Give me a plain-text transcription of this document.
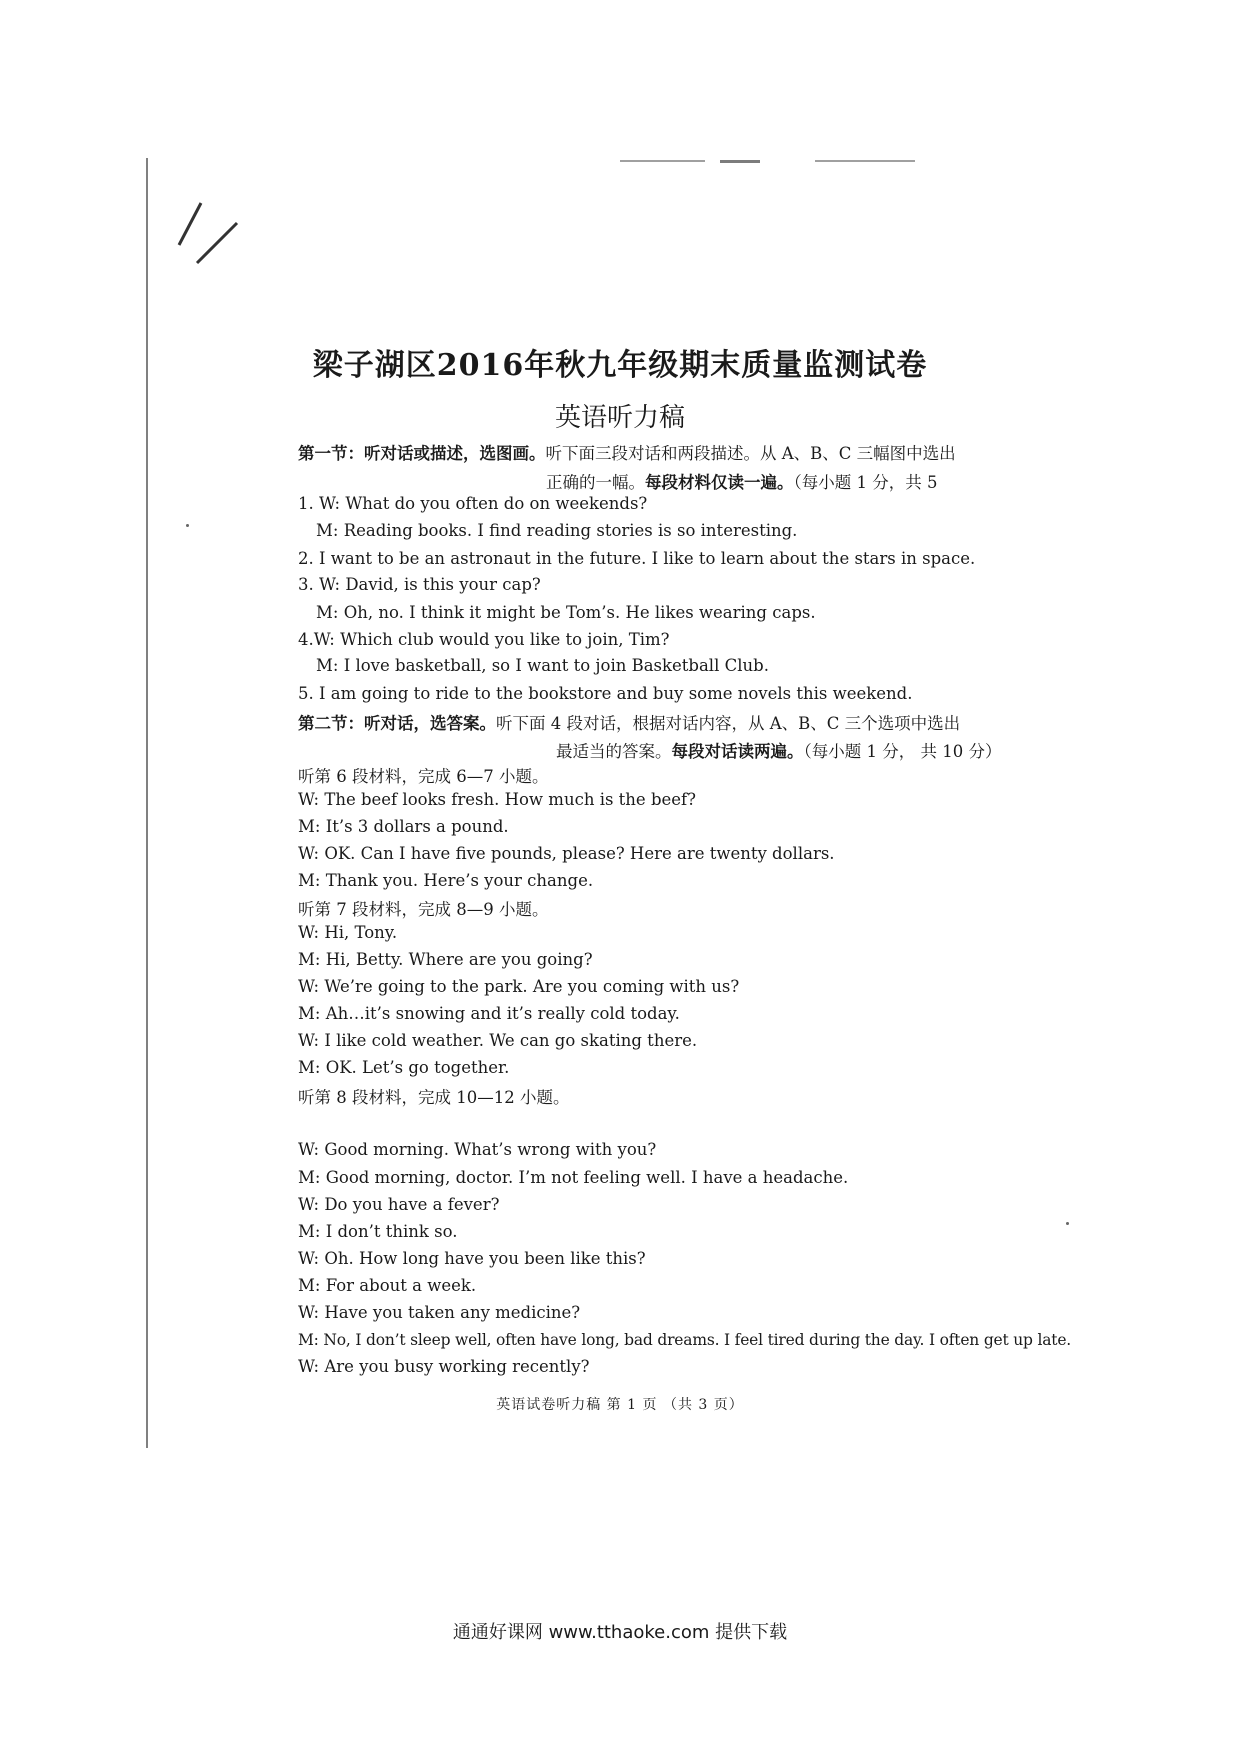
梁子湖区2016年秋九年级期末质量监测试卷
英语听力稿
第一节：听对话或描述，选图画。听下面三段对话和两段描述。从 A、B、C 三幅图中选出
正确的一幅。每段材料仅读一遍。（每小题 1 分，共 5
1. W: What do you often do on weekends?
M: Reading books. I find reading stories is so interesting.
2. I want to be an astronaut in the future. I like to learn about the stars in space.
3. W: David, is this your cap?
M: Oh, no. I think it might be Tom’s. He likes wearing caps.
4.W: Which club would you like to join, Tim?
M: I love basketball, so I want to join Basketball Club.
5. I am going to ride to the bookstore and buy some novels this weekend.
第二节：听对话，选答案。听下面 4 段对话，根据对话内容，从 A、B、C 三个选项中选出
最适当的答案。每段对话读两遍。（每小题 1 分， 共 10 分）
听第 6 段材料，完成 6—7 小题。
W: The beef looks fresh. How much is the beef?
M: It’s 3 dollars a pound.
W: OK. Can I have five pounds, please? Here are twenty dollars.
M: Thank you. Here’s your change.
听第 7 段材料，完成 8—9 小题。
W: Hi, Tony.
M: Hi, Betty. Where are you going?
W: We’re going to the park. Are you coming with us?
M: Ah…it’s snowing and it’s really cold today.
W: I like cold weather. We can go skating there.
M: OK. Let’s go together.
听第 8 段材料，完成 10—12 小题。
W: Good morning. What’s wrong with you?
M: Good morning, doctor. I’m not feeling well. I have a headache.
W: Do you have a fever?
M: I don’t think so.
W: Oh. How long have you been like this?
M: For about a week.
W: Have you taken any medicine?
M: No, I don’t sleep well, often have long, bad dreams. I feel tired during the day. I often get up late.
W: Are you busy working recently?
英语试卷听力稿 第 1 页 （共 3 页）
通通好课网 www.tthaoke.com 提供下载
